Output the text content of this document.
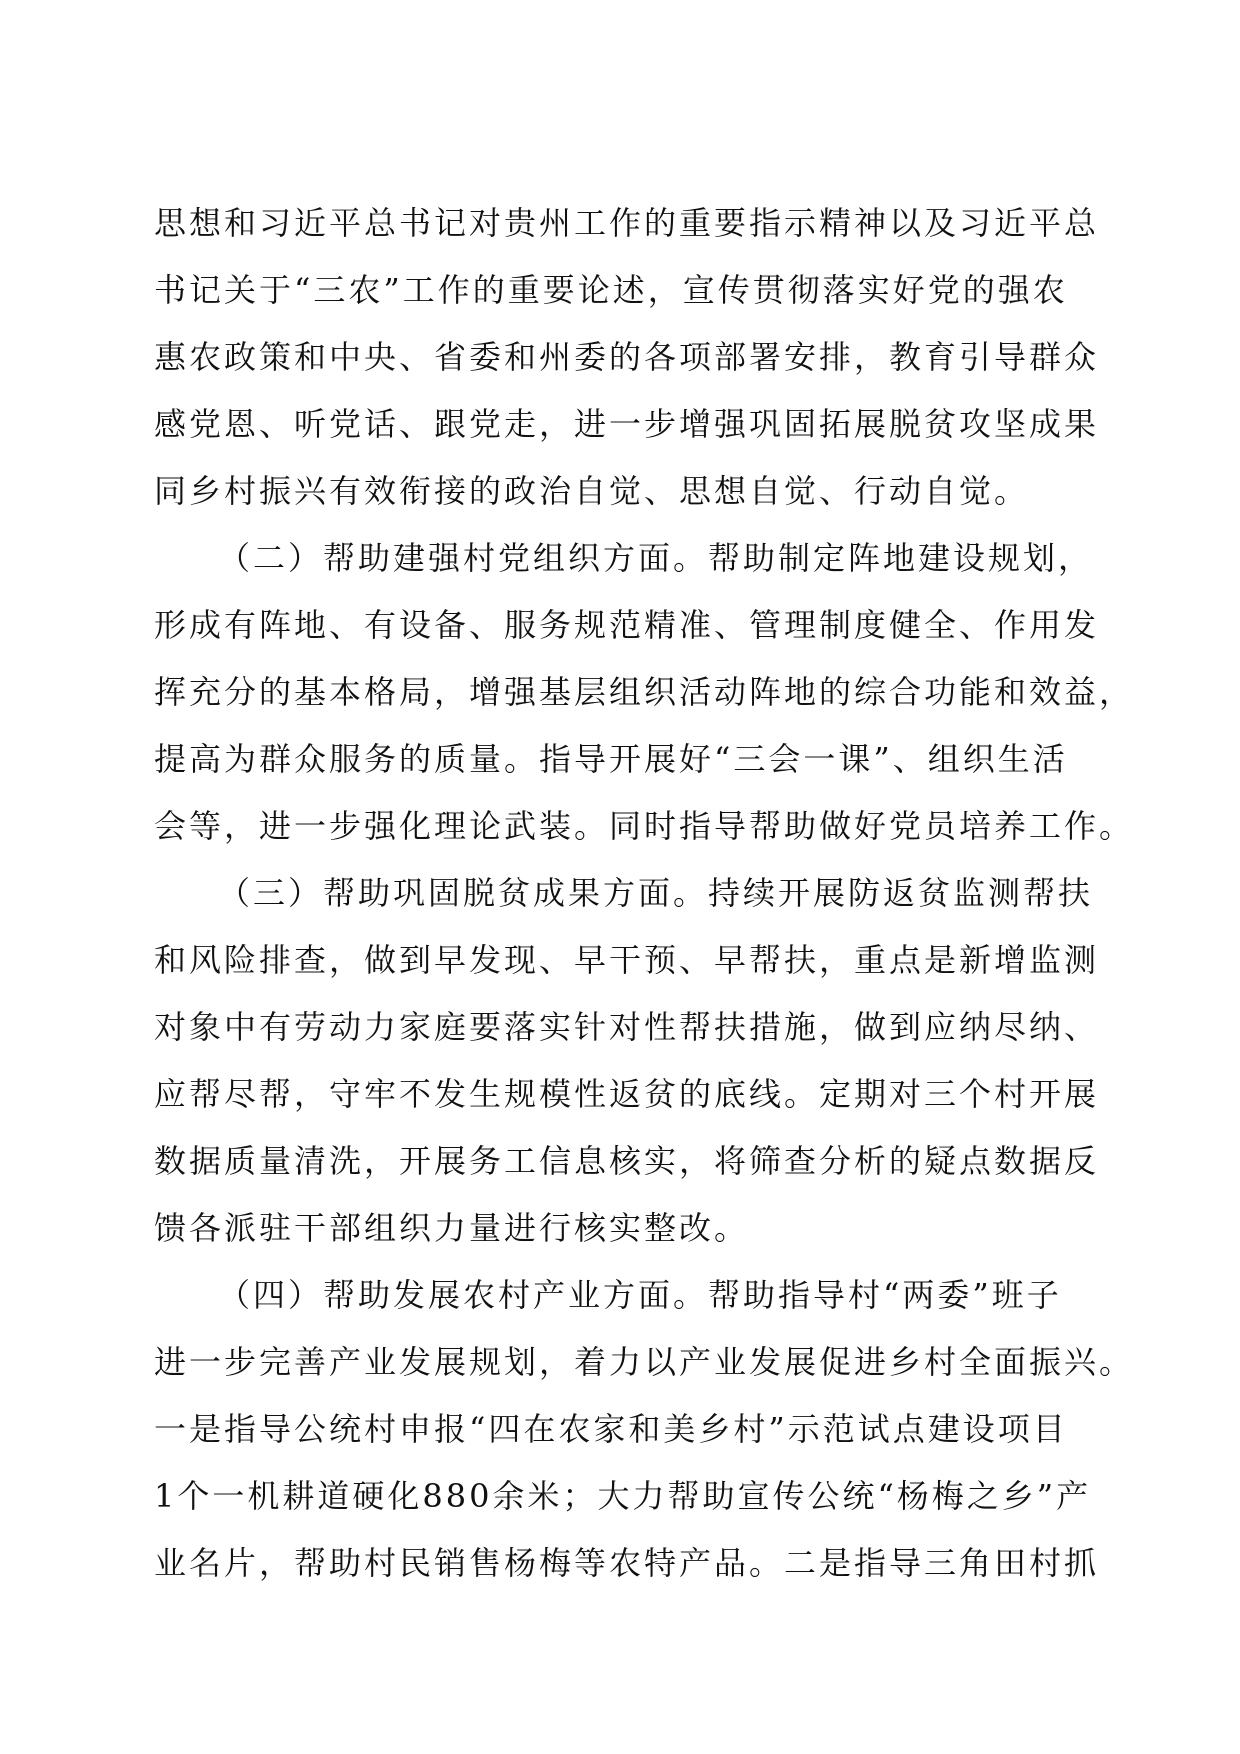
思想和习近平总书记对贵州工作的重要指示精神以及习近平总
书记关于“三农”工作的重要论述，宣传贯彻落实好党的强农
惠农政策和中央、省委和州委的各项部署安排，教育引导群众
感党恩、听党话、跟党走，进一步增强巩固拓展脱贫攻坚成果
同乡村振兴有效衔接的政治自觉、思想自觉、行动自觉。
（二）帮助建强村党组织方面。帮助制定阵地建设规划，
形成有阵地、有设备、服务规范精准、管理制度健全、作用发
挥充分的基本格局，增强基层组织活动阵地的综合功能和效益，
提高为群众服务的质量。指导开展好“三会一课”、组织生活
会等，进一步强化理论武装。同时指导帮助做好党员培养工作。
（三）帮助巩固脱贫成果方面。持续开展防返贫监测帮扶
和风险排查，做到早发现、早干预、早帮扶，重点是新增监测
对象中有劳动力家庭要落实针对性帮扶措施，做到应纳尽纳、
应帮尽帮，守牢不发生规模性返贫的底线。定期对三个村开展
数据质量清洗，开展务工信息核实，将筛查分析的疑点数据反
馈各派驻干部组织力量进行核实整改。
（四）帮助发展农村产业方面。帮助指导村“两委”班子
进一步完善产业发展规划，着力以产业发展促进乡村全面振兴。
一是指导公统村申报“四在农家和美乡村”示范试点建设项目
1个一机耕道硬化880余米；大力帮助宣传公统“杨梅之乡”产
业名片，帮助村民销售杨梅等农特产品。二是指导三角田村抓
